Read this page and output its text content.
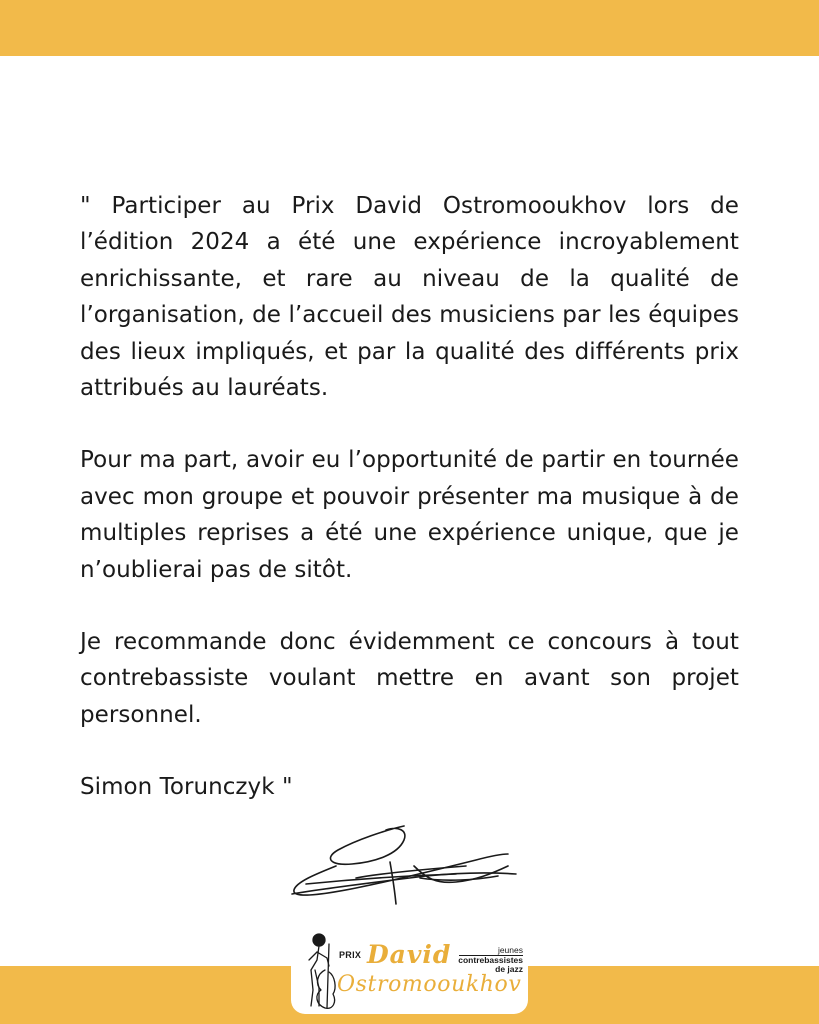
" Participer au Prix David Ostromooukhov lors de l’édition 2024 a été une expérience incroyablement enrichissante, et rare au niveau de la qualité de l’organisation, de l’accueil des musiciens par les équipes des lieux impliqués, et par la qualité des différents prix attribués au lauréats.

Pour ma part, avoir eu l’opportunité de partir en tournée avec mon groupe et pouvoir présenter ma musique à de multiples reprises a été une expérience unique, que je n’oublierai pas de sitôt.

Je recommande donc évidemment ce concours à tout contrebassiste voulant mettre en avant son projet personnel.

Simon Torunczyk "

PRIX David
Ostromooukhov
jeunes
contrebassistes
de jazz
